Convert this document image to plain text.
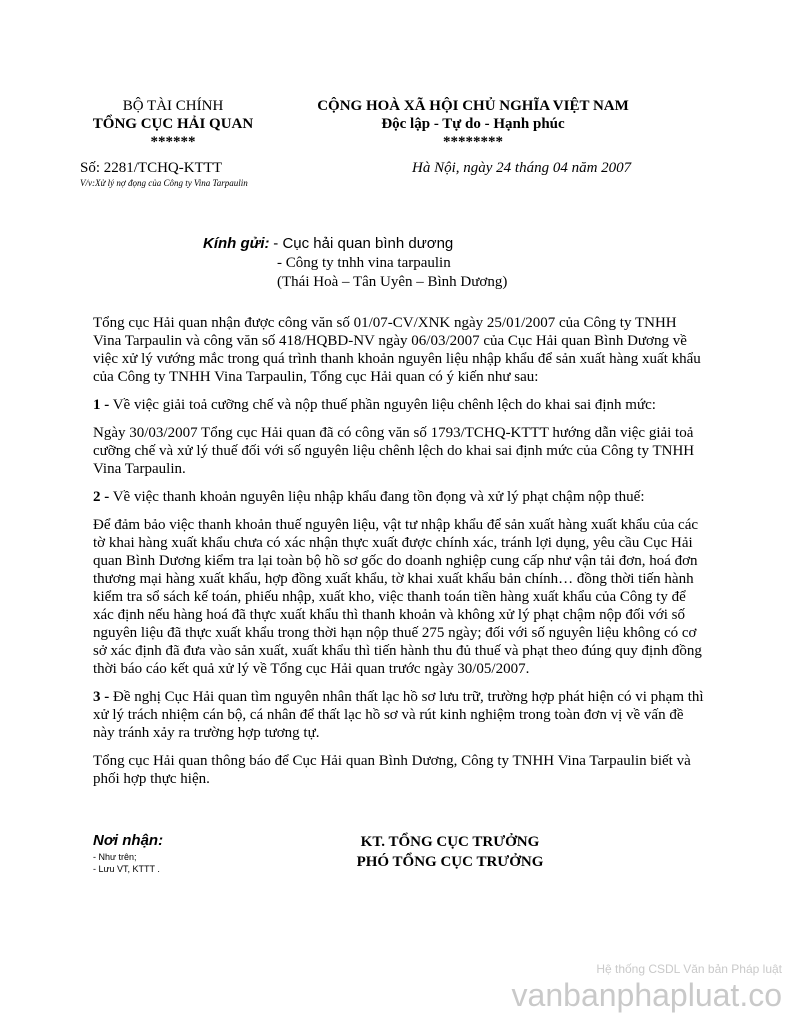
BỘ TÀI CHÍNH
TỔNG CỤC HẢI QUAN
******
CỘNG HOÀ XÃ HỘI CHỦ NGHĨA VIỆT NAM
Độc lập - Tự do - Hạnh phúc
********
Số: 2281/TCHQ-KTTT
V/v:Xử lý nợ đọng của Công ty Vina Tarpaulin
Hà Nội, ngày 24 tháng 04 năm 2007
Kính gửi: - Cục hải quan bình dương
- Công ty tnhh vina tarpaulin
(Thái Hoà – Tân Uyên – Bình Dương)

Tổng cục Hải quan nhận được công văn số 01/07-CV/XNK ngày 25/01/2007 của Công ty TNHH Vina Tarpaulin và công văn số 418/HQBD-NV ngày 06/03/2007 của Cục Hải quan Bình Dương về việc xử lý vướng mắc trong quá trình thanh khoản nguyên liệu nhập khẩu để sản xuất hàng xuất khẩu của Công ty TNHH Vina Tarpaulin, Tổng cục Hải quan có ý kiến như sau:

1 - Về việc giải toả cưỡng chế và nộp thuế phần nguyên liệu chênh lệch do khai sai định mức:

Ngày 30/03/2007 Tổng cục Hải quan đã có công văn số 1793/TCHQ-KTTT hướng dẫn việc giải toả cưỡng chế và xử lý thuế đối với số nguyên liệu chênh lệch do khai sai định mức của Công ty TNHH Vina Tarpaulin.

2 - Về việc thanh khoản nguyên liệu nhập khẩu đang tồn đọng và xử lý phạt chậm nộp thuế:

Để đảm bảo việc thanh khoản thuế nguyên liệu, vật tư nhập khẩu để sản xuất hàng xuất khẩu của các tờ khai hàng xuất khẩu chưa có xác nhận thực xuất được chính xác, tránh lợi dụng, yêu cầu Cục Hải quan Bình Dương kiểm tra lại toàn bộ hồ sơ gốc do doanh nghiệp cung cấp như vận tải đơn, hoá đơn thương mại hàng xuất khẩu, hợp đồng xuất khẩu, tờ khai xuất khẩu bản chính… đồng thời tiến hành kiểm tra sổ sách kế toán, phiếu nhập, xuất kho, việc thanh toán tiền hàng xuất khẩu của Công ty để xác định nếu hàng hoá đã thực xuất khẩu thì thanh khoản và không xử lý phạt chậm nộp đối với số nguyên liệu đã thực xuất khẩu trong thời hạn nộp thuế 275 ngày; đối với số nguyên liệu không có cơ sở xác định đã đưa vào sản xuất, xuất khẩu thì tiến hành thu đủ thuế và phạt theo đúng quy định đồng thời báo cáo kết quả xử lý về Tổng cục Hải quan trước ngày 30/05/2007.

3 - Đề nghị Cục Hải quan tìm nguyên nhân thất lạc hồ sơ lưu trữ, trường hợp phát hiện có vi phạm thì xử lý trách nhiệm cán bộ, cá nhân để thất lạc hồ sơ và rút kinh nghiệm trong toàn đơn vị về vấn đề này tránh xảy ra trường hợp tương tự.

Tổng cục Hải quan thông báo để Cục Hải quan Bình Dương, Công ty TNHH Vina Tarpaulin biết và phối hợp thực hiện.

Nơi nhận:
- Như trên;
- Lưu VT, KTTT .
KT. TỔNG CỤC TRƯỞNG
PHÓ TỔNG CỤC TRƯỞNG
Hệ thống CSDL Văn bản Pháp luật
vanbanphapluat.co
